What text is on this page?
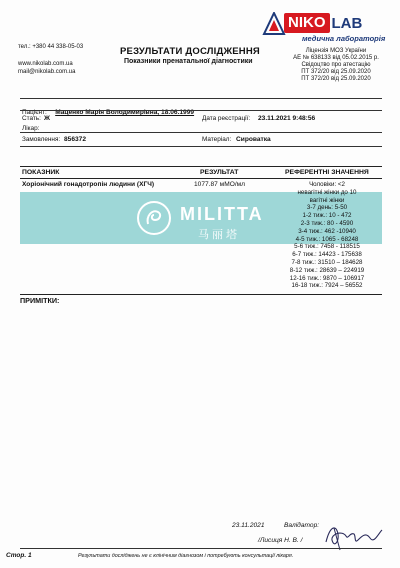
тел.: +380 44 338-05-03
www.nikolab.com.ua
mail@nikolab.com.ua
РЕЗУЛЬТАТИ ДОСЛІДЖЕННЯ
Показники пренатальної діагностики
NIKO LAB
медична лабораторія
Ліцензія МОЗ України
АЕ № 638133 від 05.02.2015 р.
Свідоцтво про атестацію
ПТ 372/20 від 25.09.2020
ПТ 372/20 від 25.09.2020
Пацієнт: Маценко Марія Володимирівна, 18.06.1999
Стать: Ж	Дата реєстрації: 23.11.2021 9:48:56
Лікар:
Замовлення: 856372	Матеріал: Сироватка
ПОКАЗНИК	РЕЗУЛЬТАТ	РЕФЕРЕНТНІ ЗНАЧЕННЯ
MILITTA
马丽塔
Хоріонічний гонадотропін людини (ХГЧ)	1077.87 мМО/мл	Чоловіки: <2
невагітні жінки до 10
вагітні жінки
3-7 день: 5-50
1-2 тиж.: 10 - 472
2-3 тиж.: 80 - 4590
3-4 тиж.: 462 -10940
4-5 тиж.: 1065 - 68248
5-6 тиж.: 7458 - 118515
6-7 тиж.: 14423 - 175638
7-8 тиж.: 31510 – 184628
8-12 тиж.: 28639 – 224919
12-16 тиж.: 9870 – 106917
16-18 тиж.: 7924 – 56552
ПРИМІТКИ:
23.11.2021	Валідатор:
/Лисиця Н. В. /
Стор. 1	Результати досліджень не є клінічним діагнозом і потребують консультації лікаря.
